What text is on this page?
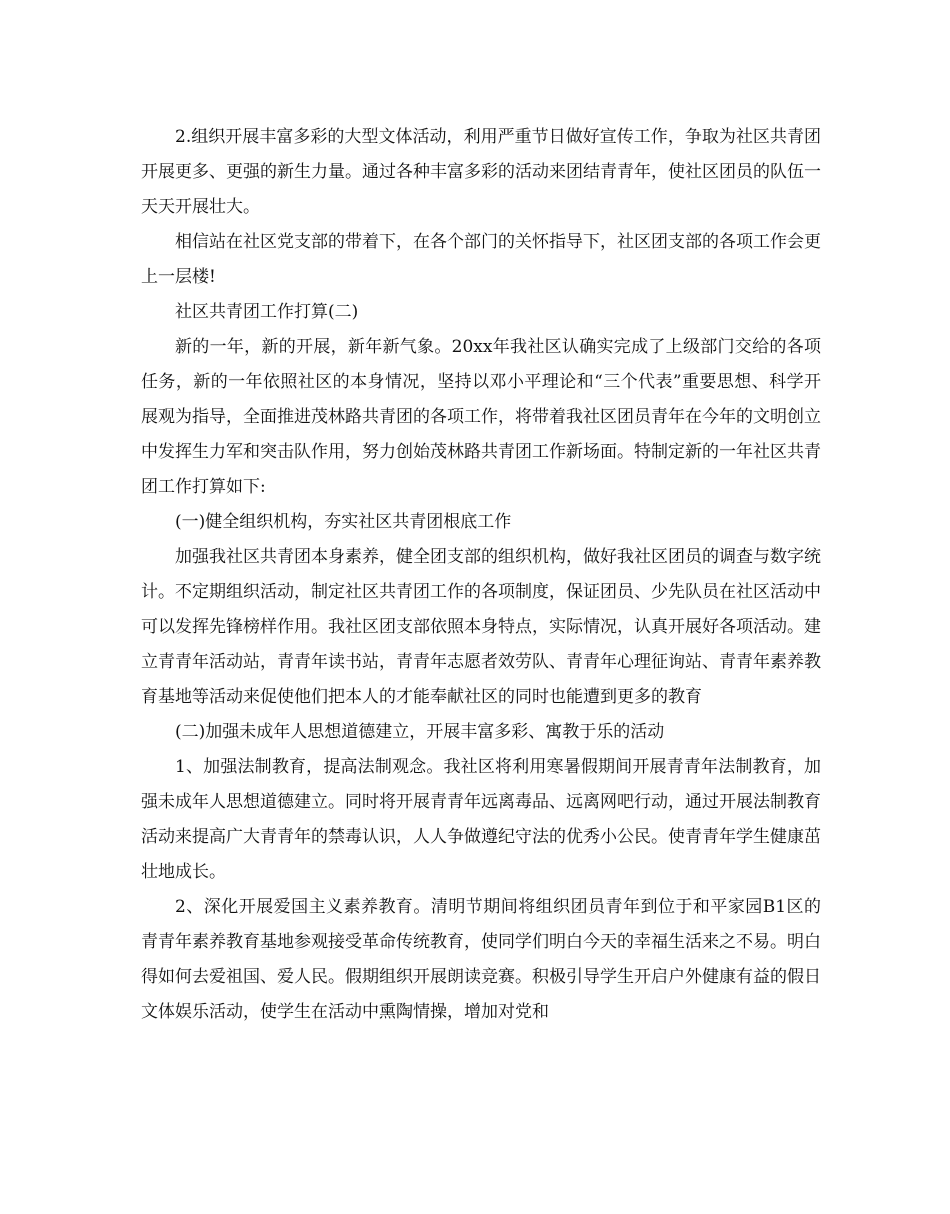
2.组织开展丰富多彩的大型文体活动，利用严重节日做好宣传工作，争取为社区共青团开展更多、更强的新生力量。通过各种丰富多彩的活动来团结青青年，使社区团员的队伍一天天开展壮大。

相信站在社区党支部的带着下，在各个部门的关怀指导下，社区团支部的各项工作会更上一层楼!

社区共青团工作打算(二)

新的一年，新的开展，新年新气象。20xx年我社区认确实完成了上级部门交给的各项任务，新的一年依照社区的本身情况，坚持以邓小平理论和“三个代表”重要思想、科学开展观为指导，全面推进茂林路共青团的各项工作，将带着我社区团员青年在今年的文明创立中发挥生力军和突击队作用，努力创始茂林路共青团工作新场面。特制定新的一年社区共青团工作打算如下:

(一)健全组织机构，夯实社区共青团根底工作

加强我社区共青团本身素养，健全团支部的组织机构，做好我社区团员的调查与数字统计。不定期组织活动，制定社区共青团工作的各项制度，保证团员、少先队员在社区活动中可以发挥先锋榜样作用。我社区团支部依照本身特点，实际情况，认真开展好各项活动。建立青青年活动站，青青年读书站，青青年志愿者效劳队、青青年心理征询站、青青年素养教育基地等活动来促使他们把本人的才能奉献社区的同时也能遭到更多的教育

(二)加强未成年人思想道德建立，开展丰富多彩、寓教于乐的活动

1、加强法制教育，提高法制观念。我社区将利用寒暑假期间开展青青年法制教育，加强未成年人思想道德建立。同时将开展青青年远离毒品、远离网吧行动，通过开展法制教育活动来提高广大青青年的禁毒认识，人人争做遵纪守法的优秀小公民。使青青年学生健康茁壮地成长。

2、深化开展爱国主义素养教育。清明节期间将组织团员青年到位于和平家园B1区的青青年素养教育基地参观接受革命传统教育，使同学们明白今天的幸福生活来之不易。明白得如何去爱祖国、爱人民。假期组织开展朗读竞赛。积极引导学生开启户外健康有益的假日文体娱乐活动，使学生在活动中熏陶情操，增加对党和
